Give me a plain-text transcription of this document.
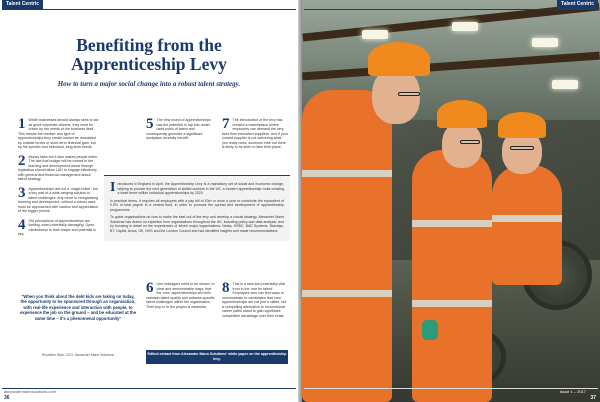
Talent Centric
Benefiting from the
Apprenticeship Levy
How to turn a major social change into a robust talent strategy.
1 While businesses should always seek to act as good corporate citizens, they must be driven by the needs of the business itself. This means the number and type of apprenticeships they create cannot be mandated by outside forces or short-term financial gain, but by the specific and individual, long-term needs.
2 Money talks but it also makes people listen. The fact that budget will be moved to the learning and development arena through legislation should allow L&D to engage effectively with general and financial management about talent strategy.
3 Apprenticeships are not a 'magic bullet', but a key part of a wide-ranging solution to talent challenges. Any move to reorganising learning and development, without a robust case, must be approached with caution and appreciation of the bigger picture.
4 Old perceptions of apprenticeships are limiting, even potentially damaging. Open-mindedness to their shape and potential is key.
5 The new round of apprenticeships has the potential to tap into under-used pools of talent and consequently generate a significant workplace diversity benefit.
7 The introduction of the levy has created a marketplace where employers can demand the very best from education suppliers. And if your current supplier is not delivering what you really need, someone else out there is likely to be keen to take their place.

Introduced in England in April, the Apprenticeship Levy is a mandatory set of social and economic change, helping to provide the next generation of skilled workers in the UK, a modern apprenticeship route creating a heart three million individual apprenticeships by 2020.

In practical terms, it requires all employers with a pay bill of £3m or more a year to contribute the equivalent of 0.5% of total payroll to a central fund, in order to promote the spread and development of apprenticeship programmes.

To guide organisations on how to make the best out of the levy and develop a robust strategy, Alexander Mann Solutions has drawn on expertise from organisations throughout the UK, including policy and data analysis, and by focusing in detail on the experiences of seven major organisations: Nesta, HSBC, BAE Systems, Barclays, BT, Capita, Aviva, GE, NHS and the London Council and has identified insights and made recommendations.

"When you think about the debt kids are taking on today, the opportunity to be sponsored through an organisation, with real-life experience and interaction with people, to experience the job on the ground – and be educated at the same time – it's a phenomenal opportunity"
Rosaleen Blair, CEO, Alexander Mann Solutions
6 Line managers need to be shown, in clear and demonstrable ways, that the 'new' apprenticeships will both maintain talent quality and address specific talent challenges within the organisation. Their buy-in to the project is essential.
8 This is a new and potentially vital front in the 'war for talent'. Employers who can find ways to communicate to candidates that 'new' apprenticeships are not just a viable, but a compelling alternative to conventional career paths stand to gain significant competitive advantage over their rivals.
Edited extract from Alexander Mann Solutions' white paper on the apprenticeship levy.
alexandermannsolutions.com
36
Talent Centric
Issue 1 – 2017
37
